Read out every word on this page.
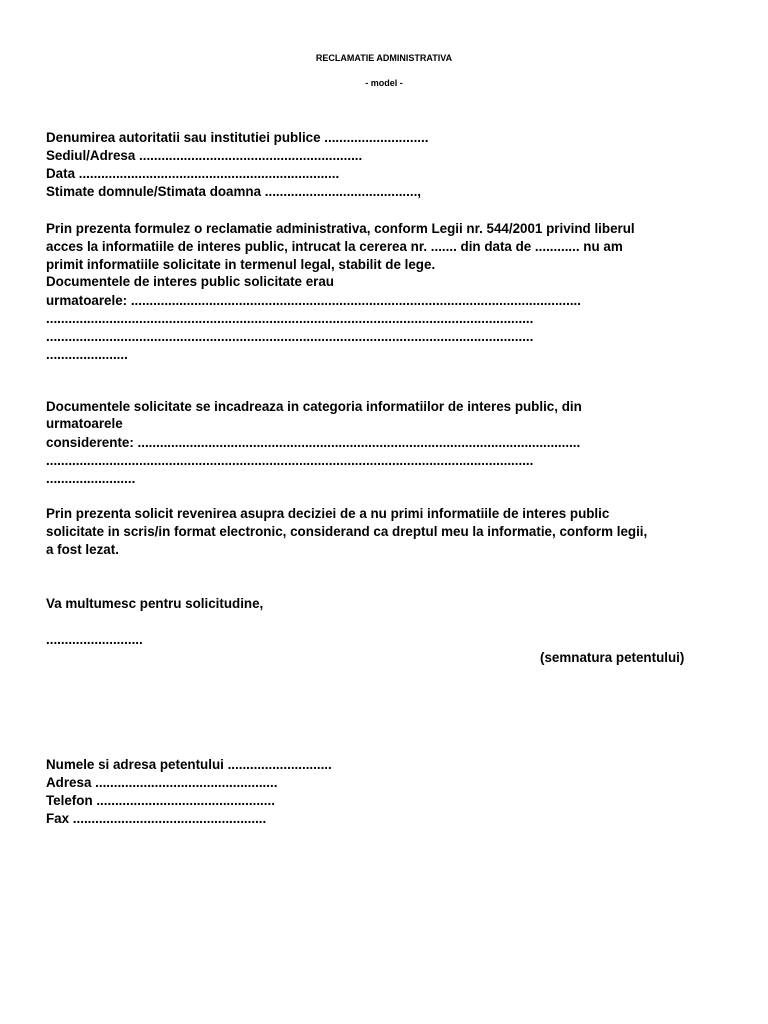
RECLAMATIE ADMINISTRATIVA
- model -
Denumirea autoritatii sau institutiei publice ............................
Sediul/Adresa ............................................................
Data ......................................................................
Stimate domnule/Stimata doamna .........................................,
Prin prezenta formulez o reclamatie administrativa, conform Legii nr. 544/2001 privind liberul
acces la informatiile de interes public, intrucat la cererea nr. ....... din data de ............ nu am
primit informatiile solicitate in termenul legal, stabilit de lege.
Documentele de interes public solicitate erau
urmatoarele: .........................................................................................................................
...................................................................................................................................
...................................................................................................................................
......................
Documentele solicitate se incadreaza in categoria informatiilor de interes public, din
urmatoarele
considerente: .......................................................................................................................
...................................................................................................................................
........................
Prin prezenta solicit revenirea asupra deciziei de a nu primi informatiile de interes public
solicitate in scris/in format electronic, considerand ca dreptul meu la informatie, conform legii,
a fost lezat.
Va multumesc pentru solicitudine,
..........................
(semnatura petentului)
Numele si adresa petentului ............................
Adresa .................................................
Telefon ................................................
Fax ....................................................
